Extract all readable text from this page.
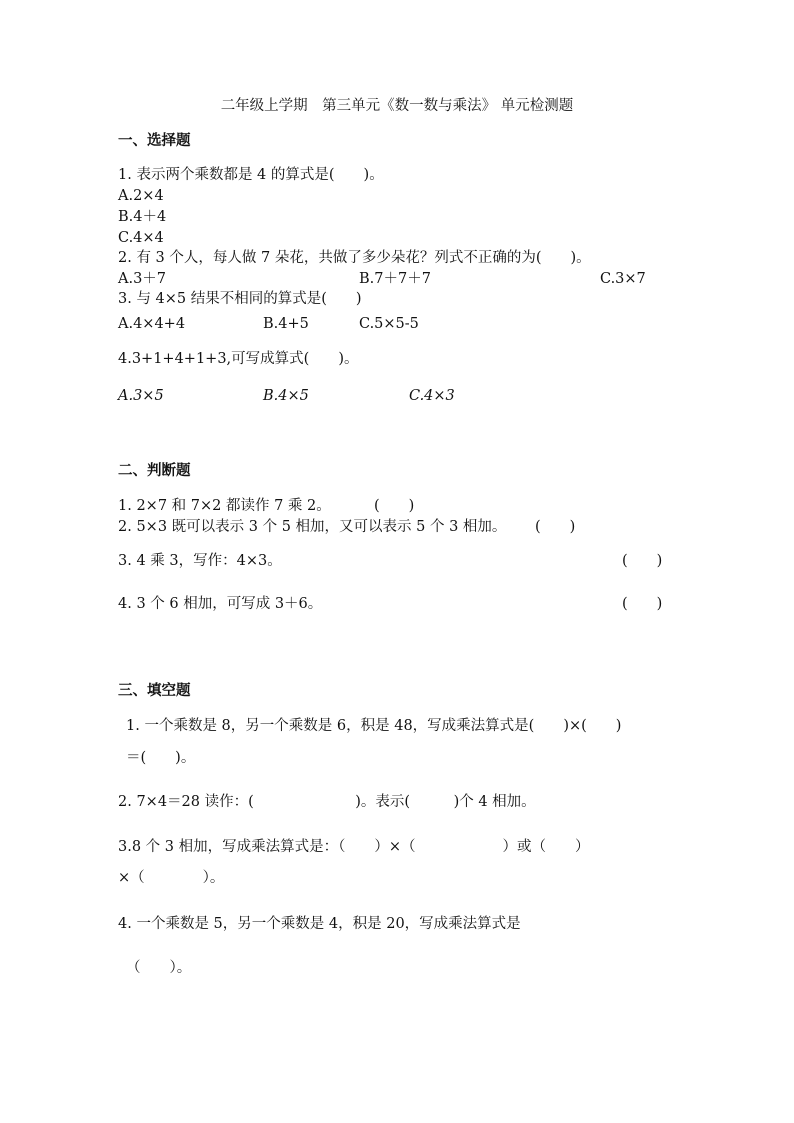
二年级上学期　第三单元《数一数与乘法》 单元检测题
一、选择题
1. 表示两个乘数都是 4 的算式是(　　)。
A.2×4
B.4＋4
C.4×4
2. 有 3 个人，每人做 7 朵花，共做了多少朵花？列式不正确的为(　　)。
A.3＋7	B.7＋7＋7	C.3×7
3. 与 4×5 结果不相同的算式是(　　)
A.4×4+4	B.4+5	C.5×5-5
4.3+1+4+1+3,可写成算式(　　)。
A.3×5	B.4×5	C.4×3
二、判断题
1. 2×7 和 7×2 都读作 7 乘 2。	(　　)
2. 5×3 既可以表示 3 个 5 相加，又可以表示 5 个 3 相加。 (　　)
3. 4 乘 3，写作：4×3。	(　　)
4. 3 个 6 相加，可写成 3＋6。	(　　)
三、填空题
1. 一个乘数是 8，另一个乘数是 6，积是 48，写成乘法算式是(　　)×(　　)
＝(　　)。
2. 7×4＝28 读作：(　　　　　　　)。表示(　　　)个 4 相加。
3.8 个 3 相加，写成乘法算式是：（　　）×（　　　　　　）或（　　）
×（　　　　）。
4. 一个乘数是 5，另一个乘数是 4，积是 20，写成乘法算式是
（　　）。
